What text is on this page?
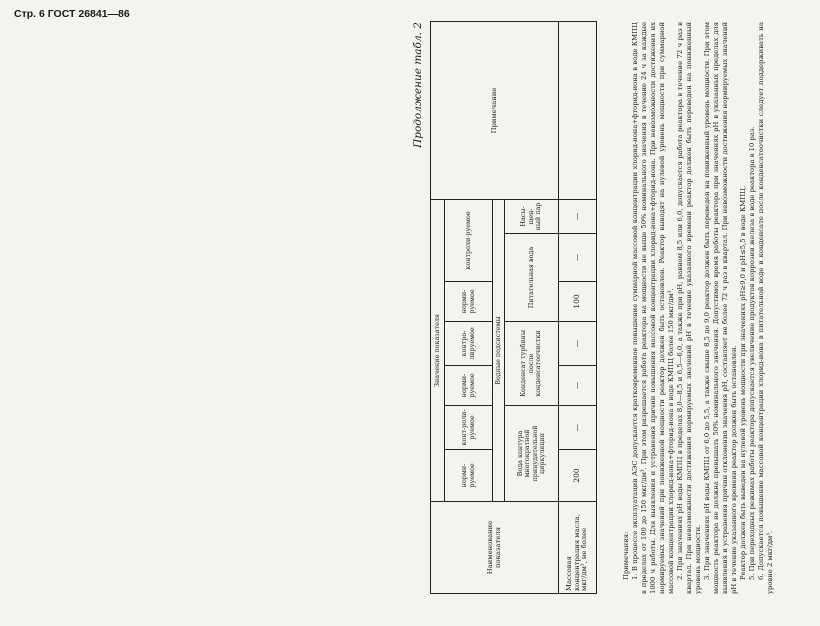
Стр. 6 ГОСТ 26841—86
Продолжение табл. 2
Наименование показателя	Значение показателя							Примечание
	норми-руемое	конт-роли-руемое	норми-руемое	контро-лируемое	норми-руемое	контроли-руемое		
	Водные подсистемы							
	Вода контура многократной принудительной циркуляции		Конденсат турбины после конденсатоочистки		Питательная вода		Насы-щен-ный пар	
Массовая концентрация масла, мкг/дм³, не более	200	—	—	—	100	—	—	

Примечания: 1. В процессе эксплуатации АЭС допускается кратковременное повышение суммарной массовой концентрации хлорид-иона+фторид-иона в воде КМПЦ в пределах от 100 до 150 мкг/дм³. При этом разрешается работа реактора на мощности не выше 50% номинального значения в течение 24 ч за каждые 1000 ч работы. Для выявления и устранения причин повышения массовой концентрации хлорид-иона+фторид-иона. При невозможности достижения их нормируемых значений при пониженной мощности реактор должен быть остановлен. Реактор выводят на нулевой уровень мощности при суммарной массовой концентрации хлорид-иона+фторид-иона в воде КМПЦ более 150 мкг/дм³. 2. При значениях рН воды КМПЦ в пределах 8,0—8,5 и 6,5—6,0, а также при рН, равном 8,5 или 6,0, допускается работа реактора в течение 72 ч раз в квартал. При невозможности достижения нормируемых значений рН в течение указанного времени реактор должен быть переведен на пониженный уровень мощности. 3. При значениях рН воды КМПЦ от 6,0 до 5,5, а также свыше 8,5 до 9,0 реактор должен быть переведен на пониженный уровень мощности. При этом мощность реактора не должна превышать 50% номинального значения. Допустимое время работы реактора при значениях рН в указанных пределах для выявления и устранения причин отклонения значения рН, составляет не более 72 ч раз в квартал. При невозможности достижения нормируемых значений рН в течение указанного времени реактор должен быть остановлен. Реактор должен быть выведен на нулевой уровень мощности при значениях рН≥9,0 и рН≤5,5 в воде КМПЦ. 5. При переходных режимах работы реактора допускается увеличение продуктов коррозии железа в воде реактора в 10 раз. 6. Допускается повышение массовой концентрации хлорид-иона в питательной воде и конденсате после конденсатоочистки следует поддерживать на уровне 2 мкг/дм³.
